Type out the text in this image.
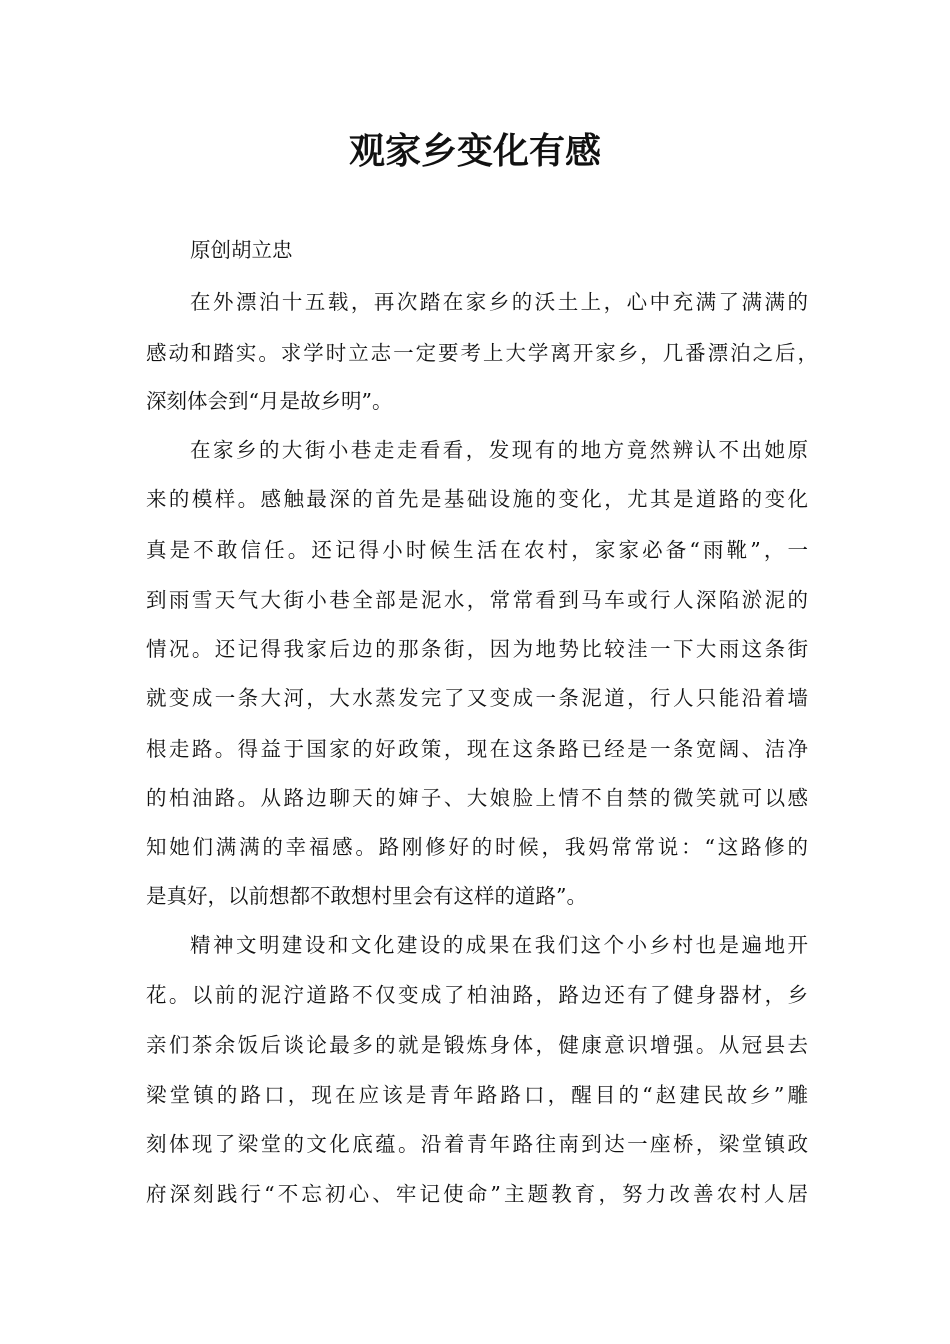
观家乡变化有感
原创胡立忠
在外漂泊十五载，再次踏在家乡的沃土上，心中充满了满满的
感动和踏实。求学时立志一定要考上大学离开家乡，几番漂泊之后，
深刻体会到“月是故乡明”。
在家乡的大街小巷走走看看，发现有的地方竟然辨认不出她原
来的模样。感触最深的首先是基础设施的变化，尤其是道路的变化
真是不敢信任。还记得小时候生活在农村，家家必备“雨靴”，一
到雨雪天气大街小巷全部是泥水，常常看到马车或行人深陷淤泥的
情况。还记得我家后边的那条街，因为地势比较洼一下大雨这条街
就变成一条大河，大水蒸发完了又变成一条泥道，行人只能沿着墙
根走路。得益于国家的好政策，现在这条路已经是一条宽阔、洁净
的柏油路。从路边聊天的婶子、大娘脸上情不自禁的微笑就可以感
知她们满满的幸福感。路刚修好的时候，我妈常常说：“这路修的
是真好，以前想都不敢想村里会有这样的道路”。
精神文明建设和文化建设的成果在我们这个小乡村也是遍地开
花。以前的泥泞道路不仅变成了柏油路，路边还有了健身器材，乡
亲们茶余饭后谈论最多的就是锻炼身体，健康意识增强。从冠县去
梁堂镇的路口，现在应该是青年路路口，醒目的“赵建民故乡”雕
刻体现了梁堂的文化底蕴。沿着青年路往南到达一座桥，梁堂镇政
府深刻践行“不忘初心、牢记使命”主题教育，努力改善农村人居
